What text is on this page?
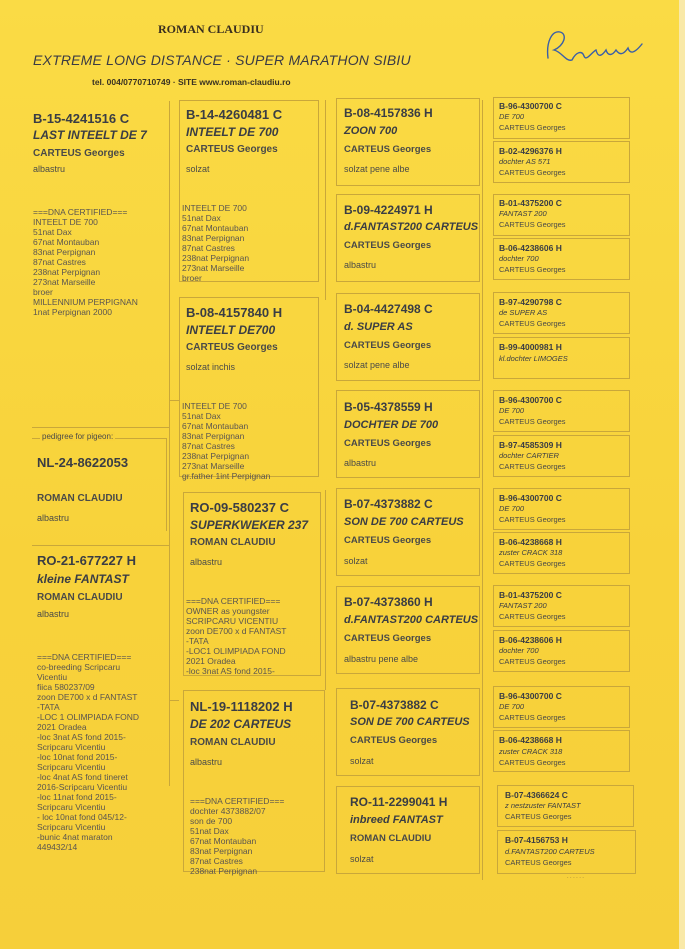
ROMAN CLAUDIU
EXTREME LONG DISTANCE · SUPER MARATHON SIBIU
tel. 004/0770710749 · SITE www.roman-claudiu.ro
B-15-4241516 C
LAST INTEELT DE 7
CARTEUS Georges
albastru

===DNA CERTIFIED===
INTEELT DE 700
51nat Dax
67nat Montauban
83nat Perpignan
87nat Castres
238nat Perpignan
273nat Marseille
broer
MILLENNIUM PERPIGNAN
1nat Perpignan 2000

pedigree for pigeon:
NL-24-8622053
ROMAN CLAUDIU
albastru
RO-21-677227 H
kleine FANTAST
ROMAN CLAUDIU
albastru

===DNA CERTIFIED===
co-breeding Scripcaru
Vicentiu
fiica 580237/09
zoon DE700 x d FANTAST
-TATA
-LOC 1 OLIMPIADA FOND
2021 Oradea
-loc 3nat AS fond 2015-
Scripcaru Vicentiu
-loc 10nat fond 2015-
Scripcaru Vicentiu
-loc 4nat AS fond tineret
2016-Scripcaru Vicentiu
-loc 11nat fond 2015-
Scripcaru Vicentiu
- loc 10nat fond 045/12-
Scripcaru Vicentiu
-bunic 4nat maraton
449432/14

B-14-4260481 C
INTEELT DE 700
CARTEUS Georges
solzat

INTEELT DE 700
51nat Dax
67nat Montauban
83nat Perpignan
87nat Castres
238nat Perpignan
273nat Marseille
broer

B-08-4157840 H
INTEELT DE700
CARTEUS Georges
solzat inchis

INTEELT DE 700
51nat Dax
67nat Montauban
83nat Perpignan
87nat Castres
238nat Perpignan
273nat Marseille
gr.father 1int Perpignan

RO-09-580237 C
SUPERKWEKER 237
ROMAN CLAUDIU
albastru

===DNA CERTIFIED===
OWNER as youngster
SCRIPCARU VICENTIU
zoon DE700 x d FANTAST
-TATA
-LOC1 OLIMPIADA FOND
2021 Oradea
-loc 3nat AS fond 2015-

NL-19-1118202 H
DE 202 CARTEUS
ROMAN CLAUDIU
albastru

===DNA CERTIFIED===
dochter 4373882/07
son de 700
51nat Dax
67nat Montauban
83nat Perpignan
87nat Castres
238nat Perpignan

B-08-4157836 H
ZOON 700
CARTEUS Georges
solzat pene albe
B-09-4224971 H
d.FANTAST200 CARTEUS
CARTEUS Georges
albastru
B-04-4427498 C
d. SUPER AS
CARTEUS Georges
solzat pene albe
B-05-4378559 H
DOCHTER DE 700
CARTEUS Georges
albastru
B-07-4373882 C
SON DE 700 CARTEUS
CARTEUS Georges
solzat
B-07-4373860 H
d.FANTAST200 CARTEUS
CARTEUS Georges
albastru pene albe
B-07-4373882 C
SON DE 700 CARTEUS
CARTEUS Georges
solzat
RO-11-2299041 H
inbreed FANTAST
ROMAN CLAUDIU
solzat
B-96-4300700 C
DE 700
CARTEUS Georges
B-02-4296376 H
dochter AS 571
CARTEUS Georges
B-01-4375200 C
FANTAST 200
CARTEUS Georges
B-06-4238606 H
dochter 700
CARTEUS Georges
B-97-4290798 C
de SUPER AS
CARTEUS Georges
B-99-4000981 H
kl.dochter LIMOGES
B-96-4300700 C
DE 700
CARTEUS Georges
B-97-4585309 H
dochter CARTIER
CARTEUS Georges
B-96-4300700 C
DE 700
CARTEUS Georges
B-06-4238668 H
zuster CRACK 318
CARTEUS Georges
B-01-4375200 C
FANTAST 200
CARTEUS Georges
B-06-4238606 H
dochter 700
CARTEUS Georges
B-96-4300700 C
DE 700
CARTEUS Georges
B-06-4238668 H
zuster CRACK 318
CARTEUS Georges
B-07-4366624 C
z nestzuster FANTAST
CARTEUS Georges
B-07-4156753 H
d.FANTAST200 CARTEUS
CARTEUS Georges
· · · · · ·
